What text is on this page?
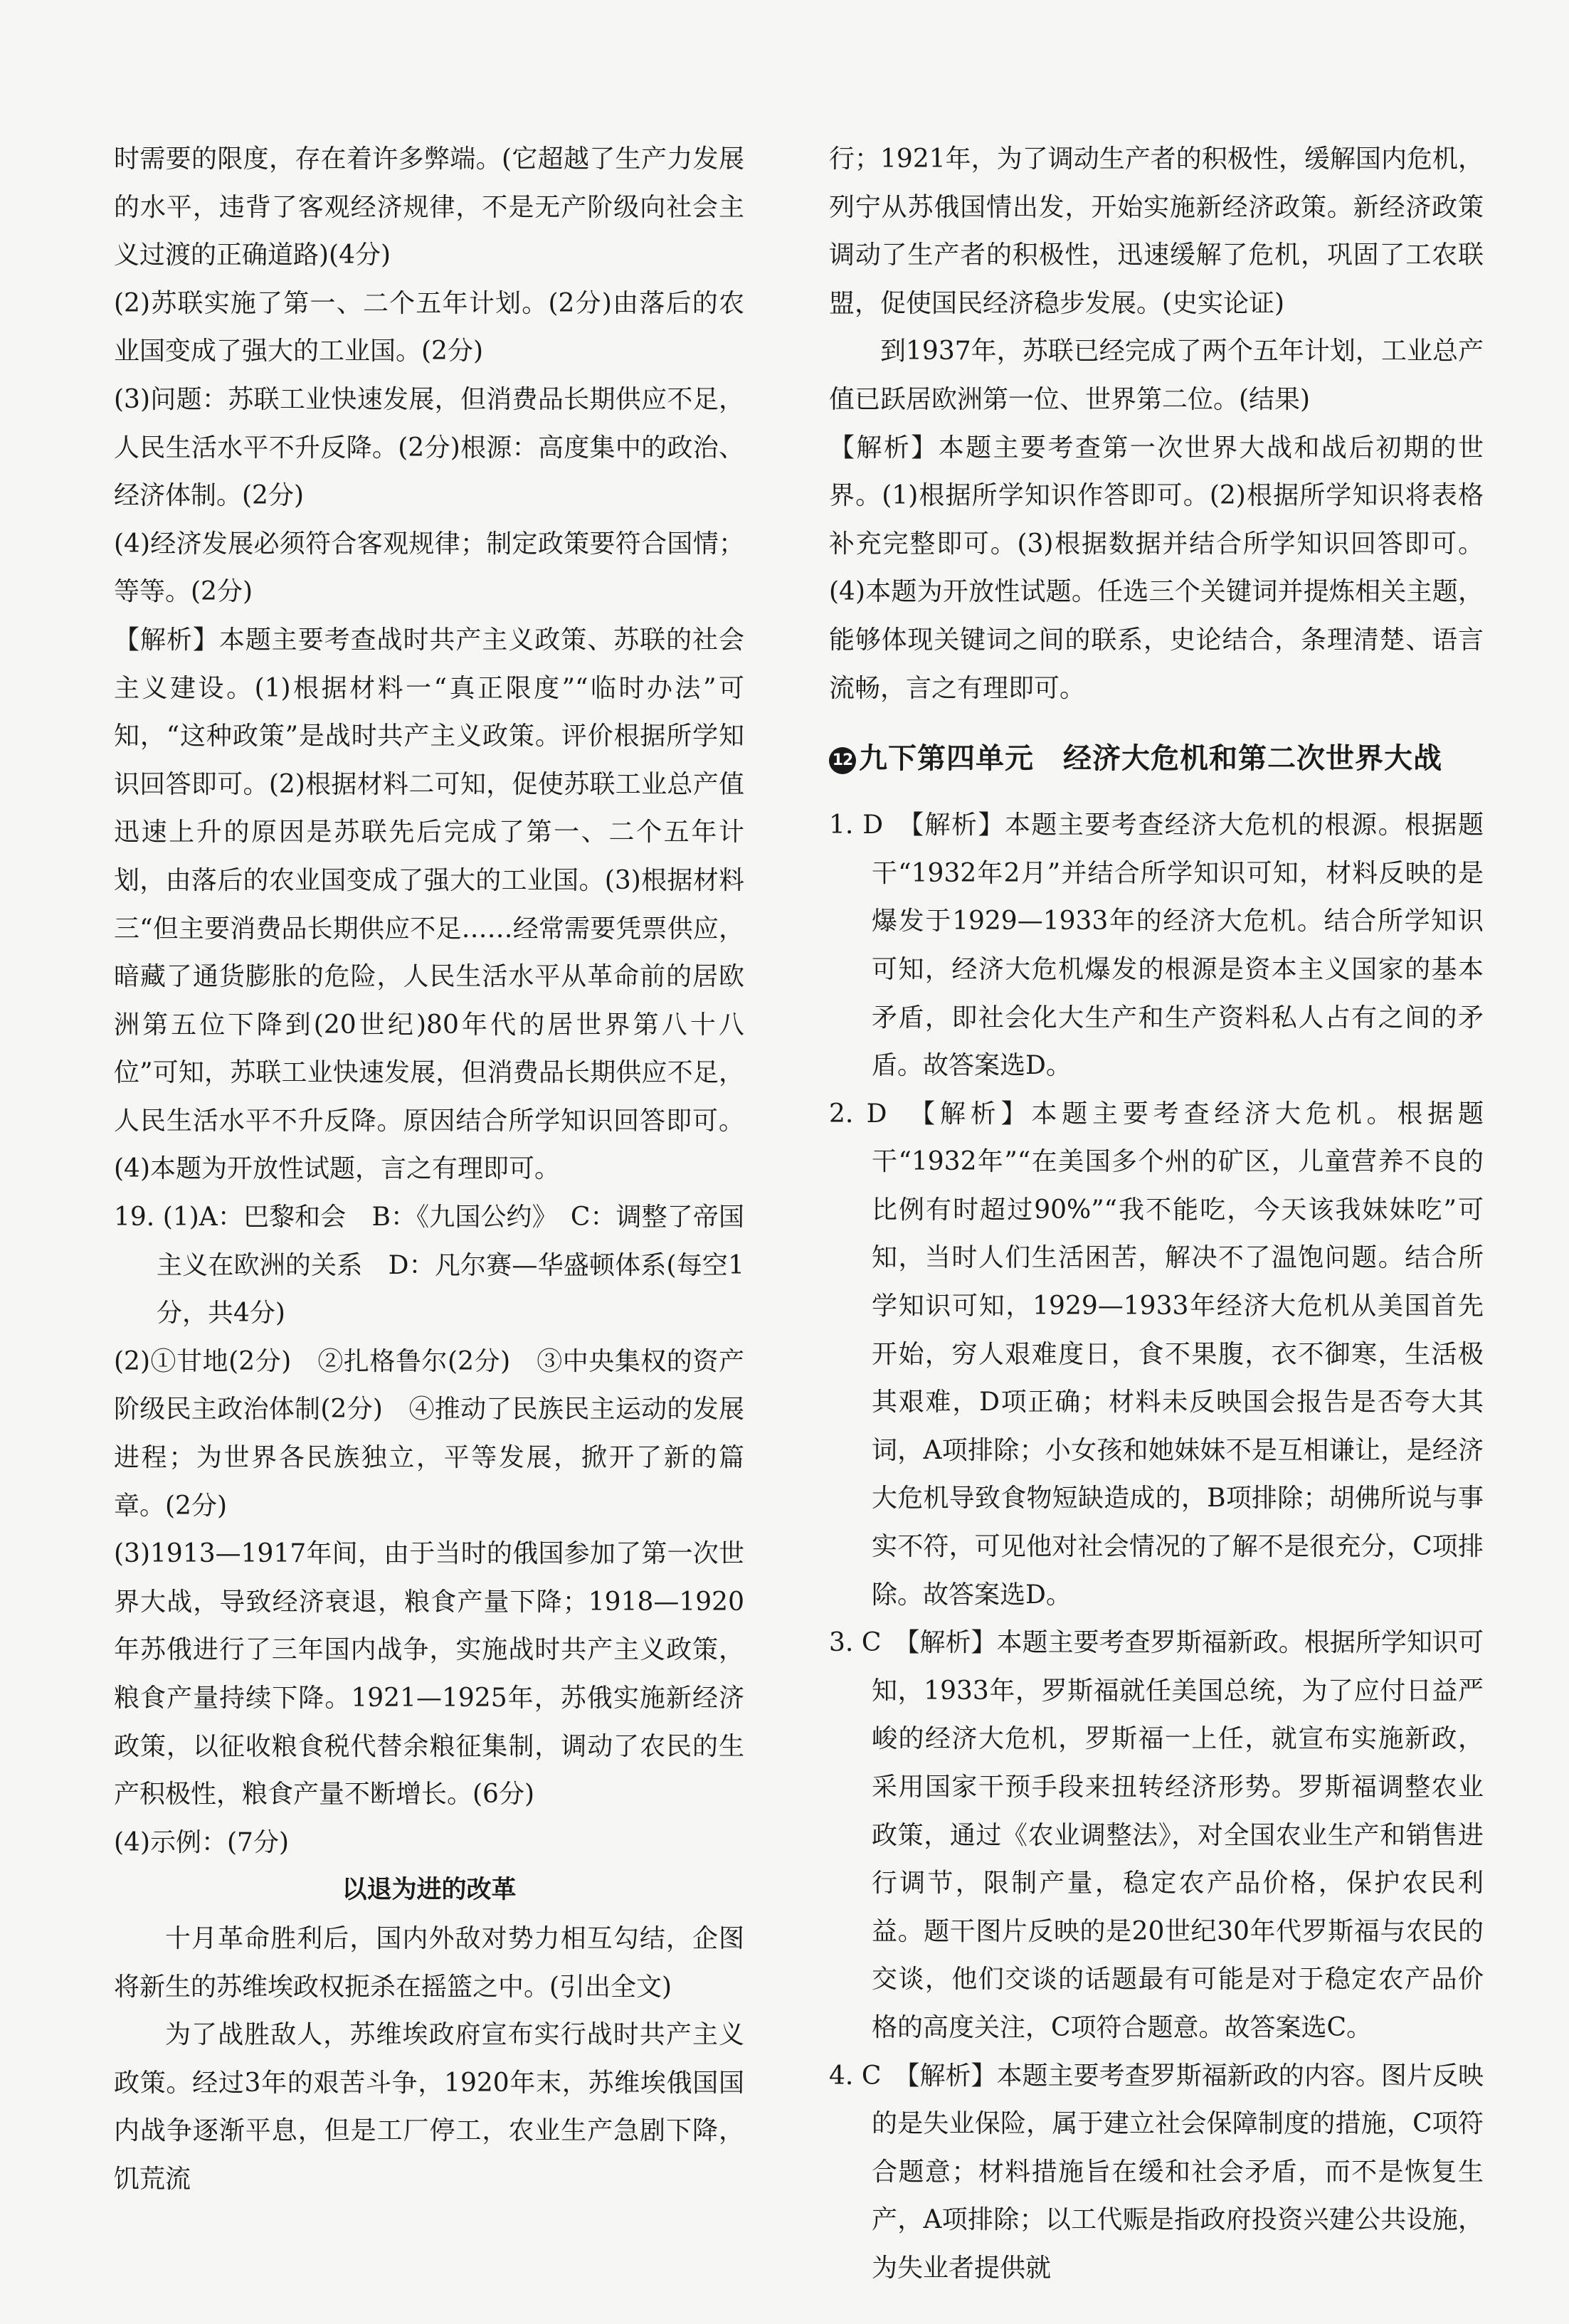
时需要的限度，存在着许多弊端。(它超越了生产力发展的水平，违背了客观经济规律，不是无产阶级向社会主义过渡的正确道路)(4分)

(2)苏联实施了第一、二个五年计划。(2分)由落后的农业国变成了强大的工业国。(2分)

(3)问题：苏联工业快速发展，但消费品长期供应不足，人民生活水平不升反降。(2分)根源：高度集中的政治、经济体制。(2分)

(4)经济发展必须符合客观规律；制定政策要符合国情；等等。(2分)

【解析】本题主要考查战时共产主义政策、苏联的社会主义建设。(1)根据材料一“真正限度”“临时办法”可知，“这种政策”是战时共产主义政策。评价根据所学知识回答即可。(2)根据材料二可知，促使苏联工业总产值迅速上升的原因是苏联先后完成了第一、二个五年计划，由落后的农业国变成了强大的工业国。(3)根据材料三“但主要消费品长期供应不足……经常需要凭票供应，暗藏了通货膨胀的危险，人民生活水平从革命前的居欧洲第五位下降到(20世纪)80年代的居世界第八十八位”可知，苏联工业快速发展，但消费品长期供应不足，人民生活水平不升反降。原因结合所学知识回答即可。(4)本题为开放性试题，言之有理即可。

19. (1)A：巴黎和会　B：《九国公约》　C：调整了帝国主义在欧洲的关系　D：凡尔赛—华盛顿体系(每空1分，共4分)

(2)①甘地(2分)　②扎格鲁尔(2分)　③中央集权的资产阶级民主政治体制(2分)　④推动了民族民主运动的发展进程；为世界各民族独立，平等发展，掀开了新的篇章。(2分)

(3)1913—1917年间，由于当时的俄国参加了第一次世界大战，导致经济衰退，粮食产量下降；1918—1920年苏俄进行了三年国内战争，实施战时共产主义政策，粮食产量持续下降。1921—1925年，苏俄实施新经济政策，以征收粮食税代替余粮征集制，调动了农民的生产积极性，粮食产量不断增长。(6分)

(4)示例：(7分)

以退为进的改革

十月革命胜利后，国内外敌对势力相互勾结，企图将新生的苏维埃政权扼杀在摇篮之中。(引出全文)

为了战胜敌人，苏维埃政府宣布实行战时共产主义政策。经过3年的艰苦斗争，1920年末，苏维埃俄国国内战争逐渐平息，但是工厂停工，农业生产急剧下降，饥荒流

行；1921年，为了调动生产者的积极性，缓解国内危机，列宁从苏俄国情出发，开始实施新经济政策。新经济政策调动了生产者的积极性，迅速缓解了危机，巩固了工农联盟，促使国民经济稳步发展。(史实论证)

到1937年，苏联已经完成了两个五年计划，工业总产值已跃居欧洲第一位、世界第二位。(结果)

【解析】本题主要考查第一次世界大战和战后初期的世界。(1)根据所学知识作答即可。(2)根据所学知识将表格补充完整即可。(3)根据数据并结合所学知识回答即可。(4)本题为开放性试题。任选三个关键词并提炼相关主题，能够体现关键词之间的联系，史论结合，条理清楚、语言流畅，言之有理即可。

12 九下第四单元　经济大危机和第二次世界大战

1. D　【解析】本题主要考查经济大危机的根源。根据题干“1932年2月”并结合所学知识可知，材料反映的是爆发于1929—1933年的经济大危机。结合所学知识可知，经济大危机爆发的根源是资本主义国家的基本矛盾，即社会化大生产和生产资料私人占有之间的矛盾。故答案选D。

2. D　【解析】本题主要考查经济大危机。根据题干“1932年”“在美国多个州的矿区，儿童营养不良的比例有时超过90%”“我不能吃，今天该我妹妹吃”可知，当时人们生活困苦，解决不了温饱问题。结合所学知识可知，1929—1933年经济大危机从美国首先开始，穷人艰难度日，食不果腹，衣不御寒，生活极其艰难，D项正确；材料未反映国会报告是否夸大其词，A项排除；小女孩和她妹妹不是互相谦让，是经济大危机导致食物短缺造成的，B项排除；胡佛所说与事实不符，可见他对社会情况的了解不是很充分，C项排除。故答案选D。

3. C　【解析】本题主要考查罗斯福新政。根据所学知识可知，1933年，罗斯福就任美国总统，为了应付日益严峻的经济大危机，罗斯福一上任，就宣布实施新政，采用国家干预手段来扭转经济形势。罗斯福调整农业政策，通过《农业调整法》，对全国农业生产和销售进行调节，限制产量，稳定农产品价格，保护农民利益。题干图片反映的是20世纪30年代罗斯福与农民的交谈，他们交谈的话题最有可能是对于稳定农产品价格的高度关注，C项符合题意。故答案选C。

4. C　【解析】本题主要考查罗斯福新政的内容。图片反映的是失业保险，属于建立社会保障制度的措施，C项符合题意；材料措施旨在缓和社会矛盾，而不是恢复生产，A项排除；以工代赈是指政府投资兴建公共设施，为失业者提供就
